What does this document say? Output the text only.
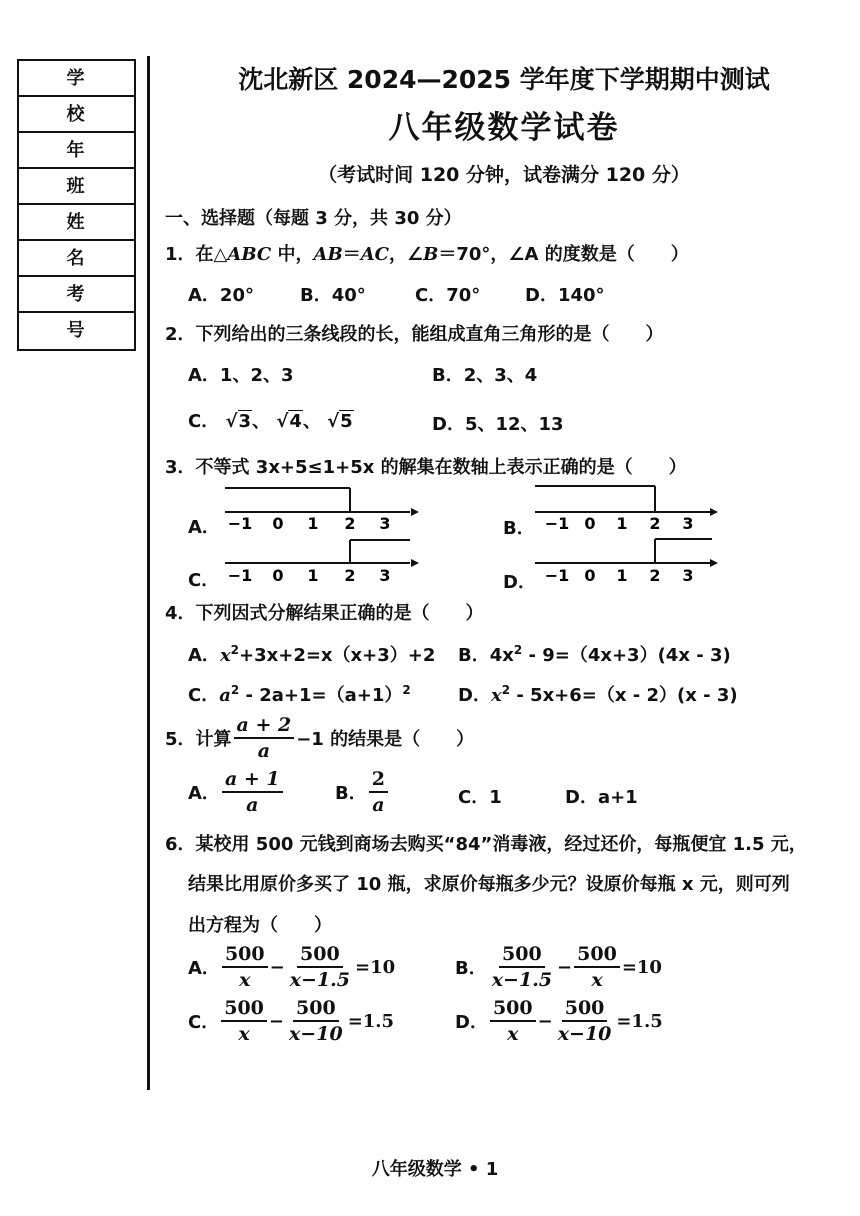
学 校
年 班
姓 名
考 号
沈北新区 2024—2025 学年度下学期期中测试
八年级数学试卷
（考试时间 120 分钟，试卷满分 120 分）
一、选择题（每题 3 分，共 30 分）
1．在△ABC 中，AB＝AC，∠B＝70°，∠A 的度数是（　　）
A．20°	B．40°	C．70° D．140°
2．下列给出的三条线段的长，能组成直角三角形的是（　　）
A．1、2、3	B．2、3、4
C． √3、 √4、 √5	D．5、12、13
3．不等式 3x+5≤1+5x 的解集在数轴上表示正确的是（　　）
A． −1 0 1 2 3	B． −1 0 1 2 3
C． −1 0 1 2 3	D． −1 0 1 2 3
4．下列因式分解结果正确的是（　　）
A．$x^2+3x+2=x(x+3)+2$ B．$4x^2 - 9=(4x+3)(4x - 3)$
C．$a^2 - 2a+1=(a+1)^2$	D．$x^2 - 5x+6=(x - 2)(x - 3)$
5．计算 $\frac{a + 2}{a} -1$ 的结果是（　　）
A． $\frac{a + 1}{a}$	B． $\frac{2}{a}$	C．1	D．a+1
6．某校用 500 元钱到商场去购买“84”消毒液，经过还价，每瓶便宜 1.5 元，
结果比用原价多买了 10 瓶，求原价每瓶多少元？设原价每瓶 x 元，则可列
出方程为（　　）
A． $\frac{500}{x} - \frac{500}{x-1.5} =10$	B． $\frac{500}{x-1.5} - \frac{500}{x} =10$
C． $\frac{500}{x} - \frac{500}{x-10} =1.5$	D． $\frac{500}{x} - \frac{500}{x-10} =1.5$
八年级数学 • 1
